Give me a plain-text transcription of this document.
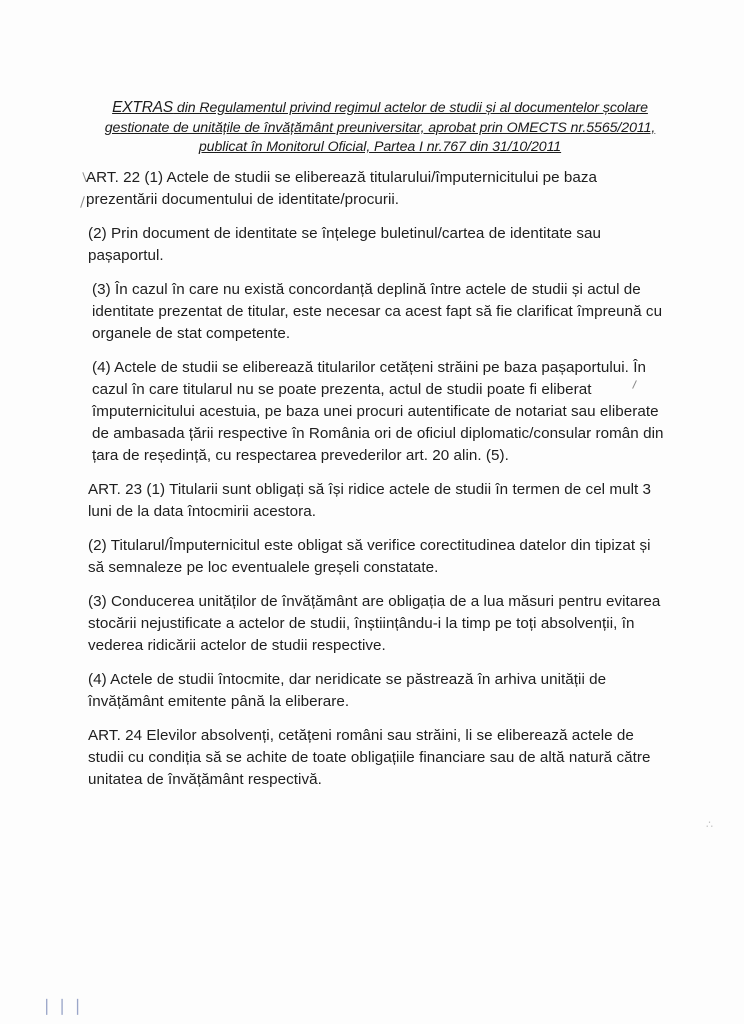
EXTRAS din Regulamentul privind regimul actelor de studii și al documentelor școlare
gestionate de unitățile de învățământ preuniversitar, aprobat prin OMECTS nr.5565/2011,
publicat în Monitorul Oficial, Partea I nr.767 din 31/10/2011

ART. 22 (1) Actele de studii se eliberează titularului/împuternicitului pe baza prezentării documentului de identitate/procurii.

(2) Prin document de identitate se înțelege buletinul/cartea de identitate sau pașaportul.

(3) În cazul în care nu există concordanță deplină între actele de studii și actul de identitate prezentat de titular, este necesar ca acest fapt să fie clarificat împreună cu organele de stat competente.

(4) Actele de studii se eliberează titularilor cetățeni străini pe baza pașaportului. În cazul în care titularul nu se poate prezenta, actul de studii poate fi eliberat împuternicitului acestuia, pe baza unei procuri autentificate de notariat sau eliberate de ambasada țării respective în România ori de oficiul diplomatic/consular român din țara de reședință, cu respectarea prevederilor art. 20 alin. (5).

ART. 23 (1) Titularii sunt obligați să își ridice actele de studii în termen de cel mult 3 luni de la data întocmirii acestora.

(2) Titularul/Împuternicitul este obligat să verifice corectitudinea datelor din tipizat și să semnaleze pe loc eventualele greșeli constatate.

(3) Conducerea unităților de învățământ are obligația de a lua măsuri pentru evitarea stocării nejustificate a actelor de studii, înștiințându-i la timp pe toți absolvenții, în vederea ridicării actelor de studii respective.

(4) Actele de studii întocmite, dar neridicate se păstrează în arhiva unității de învățământ emitente până la eliberare.

ART. 24 Elevilor absolvenți, cetățeni români sau străini, li se eliberează actele de studii cu condiția să se achite de toate obligațiile financiare sau de altă natură către unitatea de învățământ respectivă.

❘❘❘
∴
